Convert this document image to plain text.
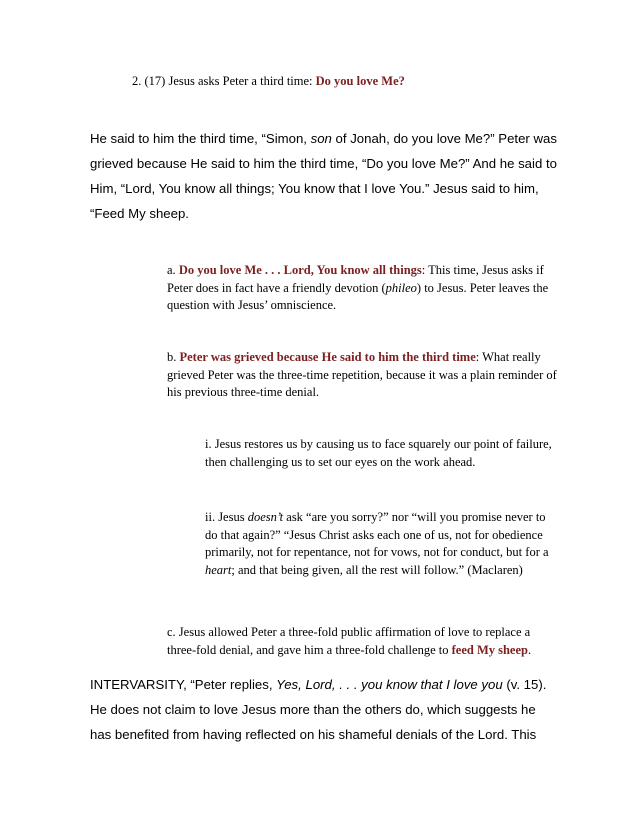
2. (17) Jesus asks Peter a third time: Do you love Me?

He said to him the third time, “Simon, son of Jonah, do you love Me?” Peter was grieved because He said to him the third time, “Do you love Me?” And he said to Him, “Lord, You know all things; You know that I love You.” Jesus said to him, “Feed My sheep.

a. Do you love Me . . . Lord, You know all things: This time, Jesus asks if Peter does in fact have a friendly devotion (phileo) to Jesus. Peter leaves the question with Jesus’ omniscience.

b. Peter was grieved because He said to him the third time: What really grieved Peter was the three-time repetition, because it was a plain reminder of his previous three-time denial.

i. Jesus restores us by causing us to face squarely our point of failure, then challenging us to set our eyes on the work ahead.

ii. Jesus doesn’t ask “are you sorry?” nor “will you promise never to do that again?” “Jesus Christ asks each one of us, not for obedience primarily, not for repentance, not for vows, not for conduct, but for a heart; and that being given, all the rest will follow.” (Maclaren)

c. Jesus allowed Peter a three-fold public affirmation of love to replace a three-fold denial, and gave him a three-fold challenge to feed My sheep.

INTERVARSITY, “Peter replies, Yes, Lord, . . . you know that I love you (v. 15). He does not claim to love Jesus more than the others do, which suggests he has benefited from having reflected on his shameful denials of the Lord. This
